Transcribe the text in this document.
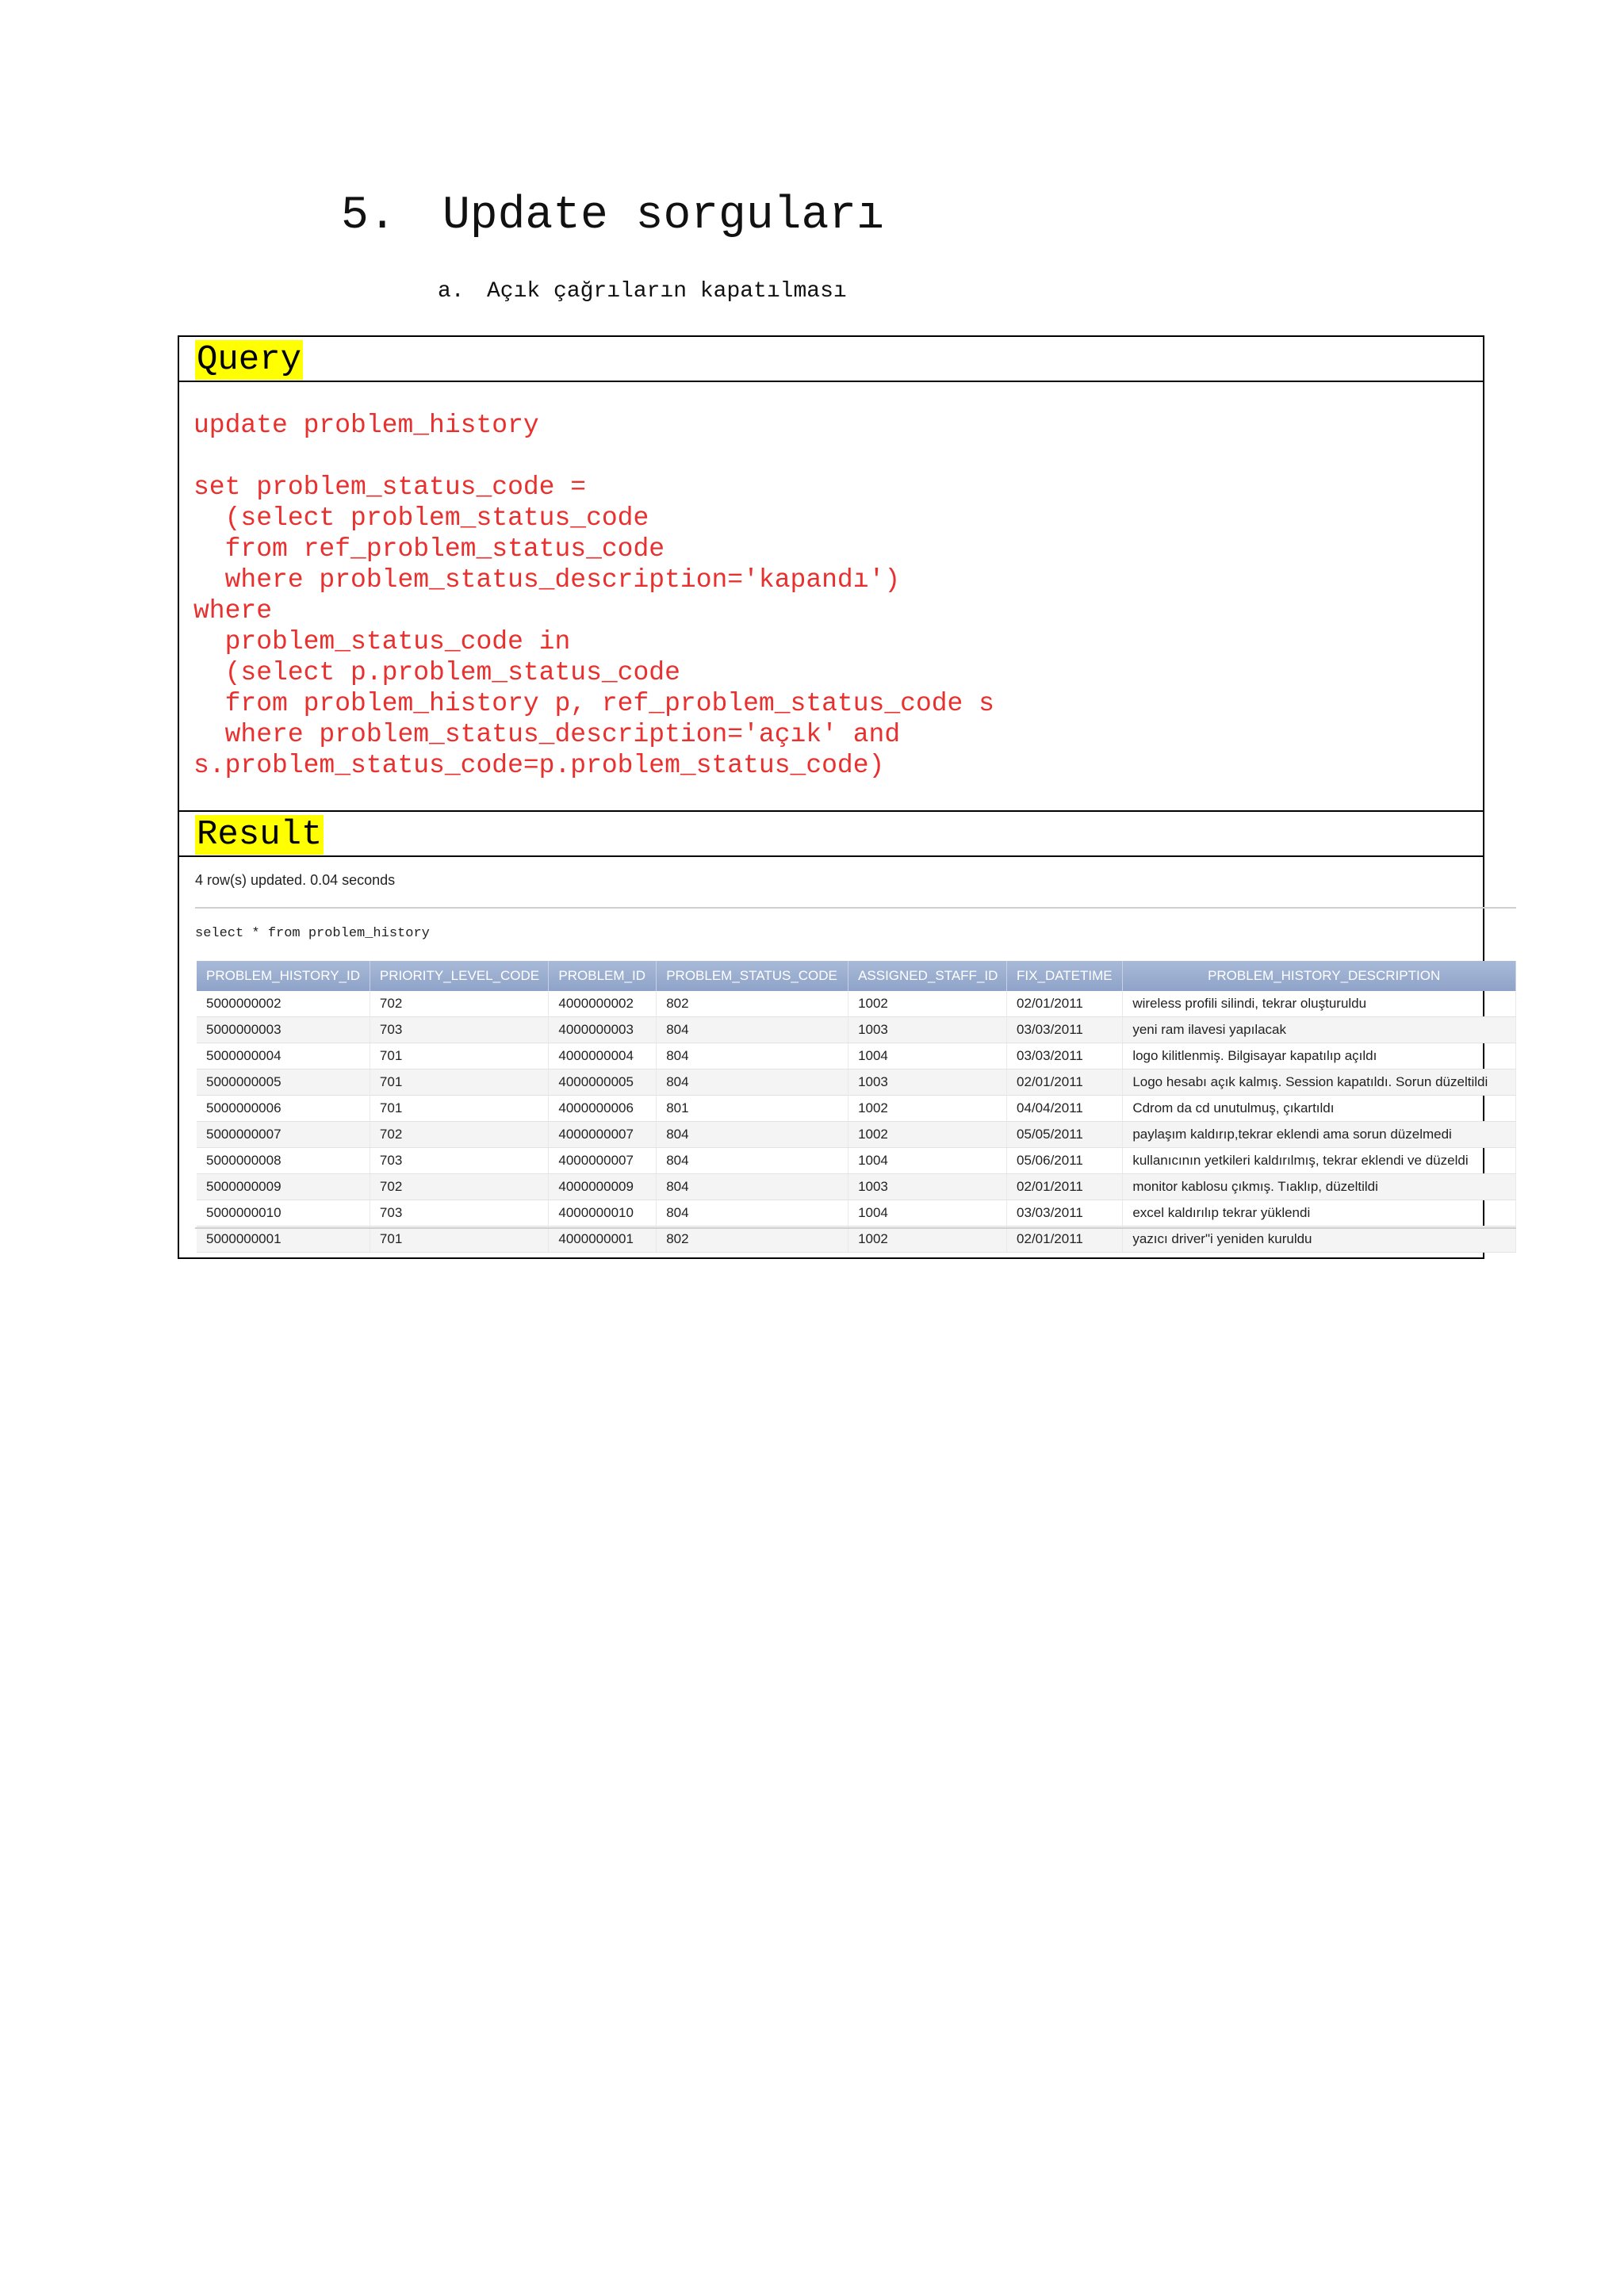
5. Update sorguları
a. Açık çağrıların kapatılması
Query
update problem_history

set problem_status_code =
(select problem_status_code
from ref_problem_status_code
where problem_status_description='kapandı')
where
problem_status_code in
(select p.problem_status_code
from problem_history p, ref_problem_status_code s
where problem_status_description='açık' and
s.problem_status_code=p.problem_status_code)
Result
4 row(s) updated. 0.04 seconds
select * from problem_history
PROBLEM_HISTORY_ID	PRIORITY_LEVEL_CODE	PROBLEM_ID	PROBLEM_STATUS_CODE	ASSIGNED_STAFF_ID	FIX_DATETIME	PROBLEM_HISTORY_DESCRIPTION
5000000002	702	4000000002	802	1002	02/01/2011	wireless profili silindi, tekrar oluşturuldu
5000000003	703	4000000003	804	1003	03/03/2011	yeni ram ilavesi yapılacak
5000000004	701	4000000004	804	1004	03/03/2011	logo kilitlenmiş. Bilgisayar kapatılıp açıldı
5000000005	701	4000000005	804	1003	02/01/2011	Logo hesabı açık kalmış. Session kapatıldı. Sorun düzeltildi
5000000006	701	4000000006	801	1002	04/04/2011	Cdrom da cd unutulmuş, çıkartıldı
5000000007	702	4000000007	804	1002	05/05/2011	paylaşım kaldırıp,tekrar eklendi ama sorun düzelmedi
5000000008	703	4000000007	804	1004	05/06/2011	kullanıcının yetkileri kaldırılmış, tekrar eklendi ve düzeldi
5000000009	702	4000000009	804	1003	02/01/2011	monitor kablosu çıkmış. Tıaklıp, düzeltildi
5000000010	703	4000000010	804	1004	03/03/2011	excel kaldırılıp tekrar yüklendi
5000000001	701	4000000001	802	1002	02/01/2011	yazıcı driver"i yeniden kuruldu
